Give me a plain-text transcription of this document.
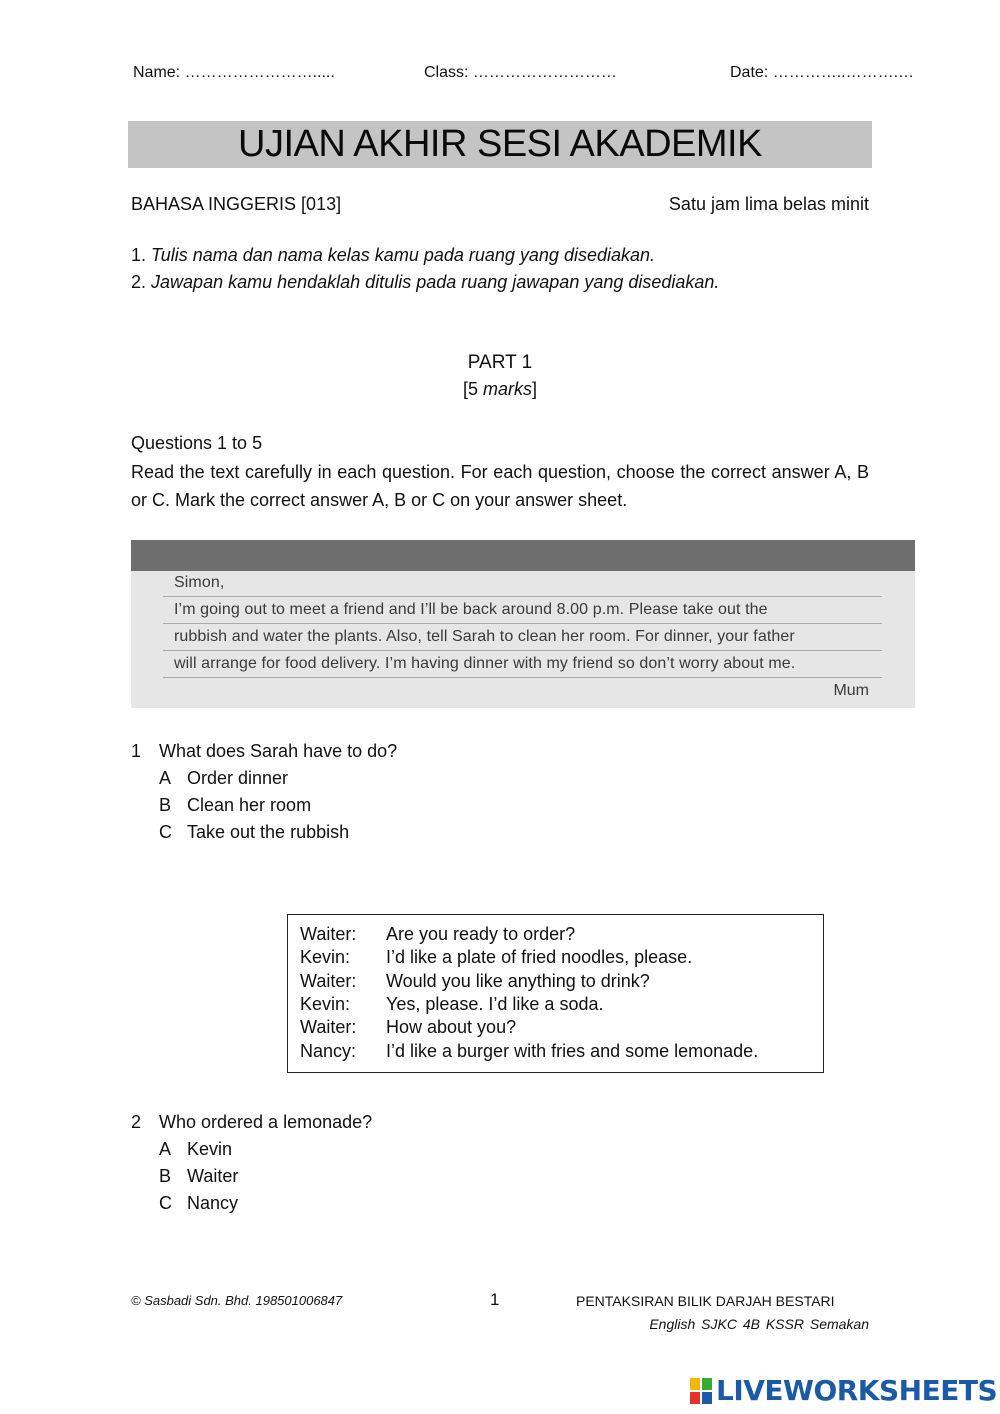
Name: …………………….....	Class: ………………………	Date: …………..……….…
UJIAN AKHIR SESI AKADEMIK
BAHASA INGGERIS [013]	Satu jam lima belas minit
1. Tulis nama dan nama kelas kamu pada ruang yang disediakan.
2. Jawapan kamu hendaklah ditulis pada ruang jawapan yang disediakan.
PART 1
[5 marks]
Questions 1 to 5
Read the text carefully in each question. For each question, choose the correct answer A, B or C. Mark the correct answer A, B or C on your answer sheet.
Simon,
I’m going out to meet a friend and I’ll be back around 8.00 p.m. Please take out the
rubbish and water the plants. Also, tell Sarah to clean her room. For dinner, your father
will arrange for food delivery. I’m having dinner with my friend so don’t worry about me.
Mum
1 What does Sarah have to do?
A Order dinner
B Clean her room
C Take out the rubbish
Waiter: Are you ready to order?
Kevin: I’d like a plate of fried noodles, please.
Waiter: Would you like anything to drink?
Kevin: Yes, please. I’d like a soda.
Waiter: How about you?
Nancy: I’d like a burger with fries and some lemonade.
2 Who ordered a lemonade?
A Kevin
B Waiter
C Nancy
© Sasbadi Sdn. Bhd. 198501006847	1	PENTAKSIRAN BILIK DARJAH BESTARI
English SJKC 4B KSSR Semakan
LIVEWORKSHEETS
